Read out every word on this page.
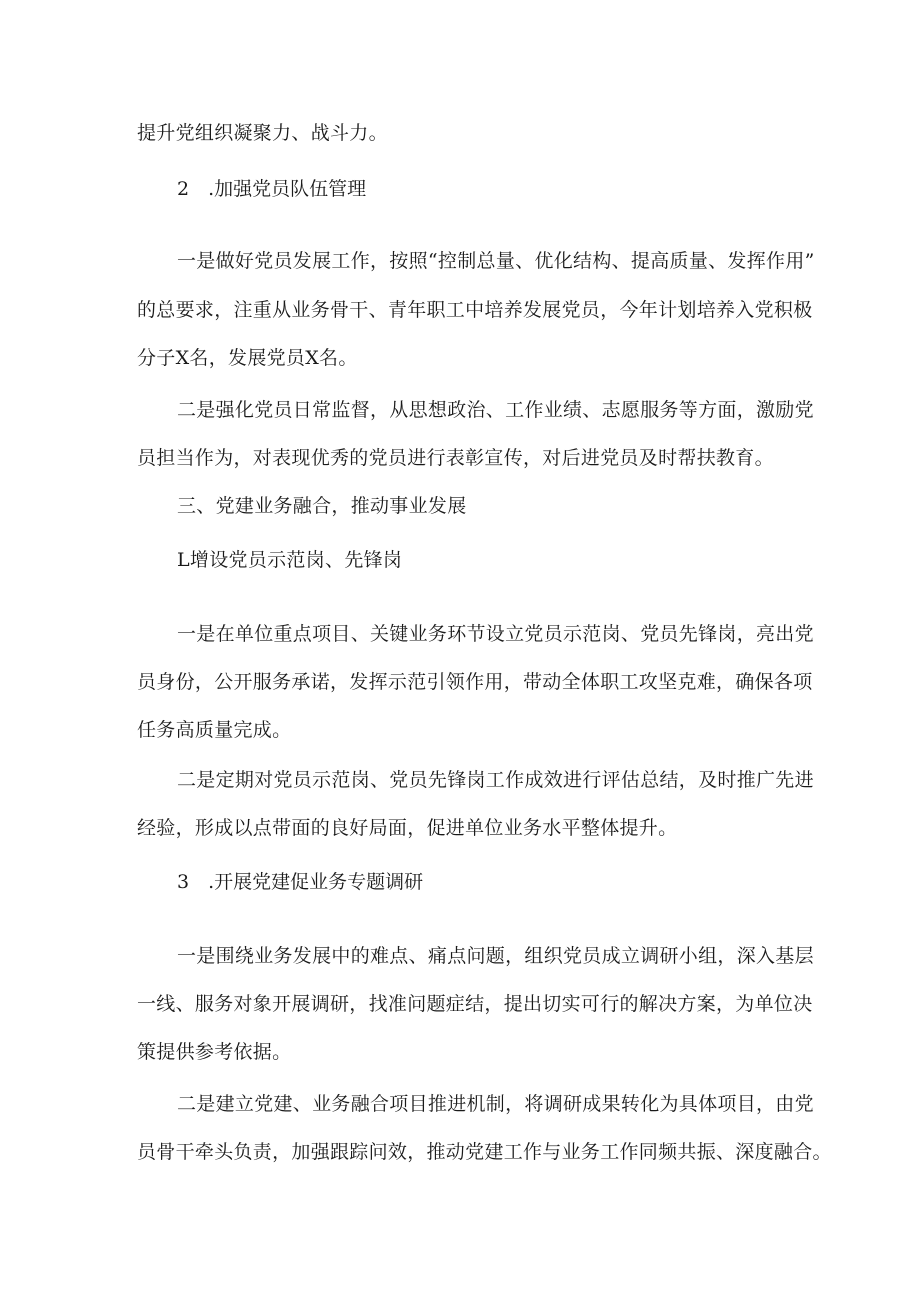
提升党组织凝聚力、战斗力。
2　.加强党员队伍管理
一是做好党员发展工作，按照“控制总量、优化结构、提高质量、发挥作用”
的总要求，注重从业务骨干、青年职工中培养发展党员，今年计划培养入党积极
分子X名，发展党员X名。
二是强化党员日常监督，从思想政治、工作业绩、志愿服务等方面，激励党
员担当作为，对表现优秀的党员进行表彰宣传，对后进党员及时帮扶教育。
三、党建业务融合，推动事业发展
L增设党员示范岗、先锋岗
一是在单位重点项目、关键业务环节设立党员示范岗、党员先锋岗，亮出党
员身份，公开服务承诺，发挥示范引领作用，带动全体职工攻坚克难，确保各项
任务高质量完成。
二是定期对党员示范岗、党员先锋岗工作成效进行评估总结，及时推广先进
经验，形成以点带面的良好局面，促进单位业务水平整体提升。
3　.开展党建促业务专题调研
一是围绕业务发展中的难点、痛点问题，组织党员成立调研小组，深入基层
一线、服务对象开展调研，找准问题症结，提出切实可行的解决方案，为单位决
策提供参考依据。
二是建立党建、业务融合项目推进机制，将调研成果转化为具体项目，由党
员骨干牵头负责，加强跟踪问效，推动党建工作与业务工作同频共振、深度融合。
